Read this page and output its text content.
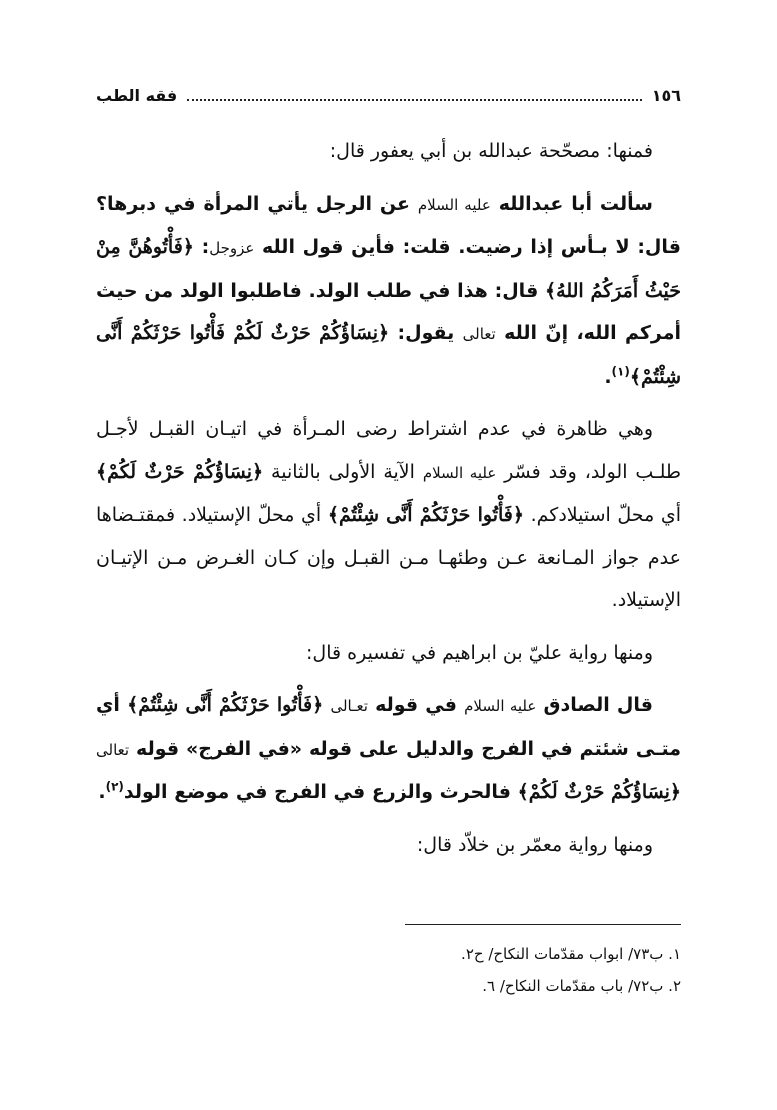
١٥٦
فقه الطب

فمنها: مصحّحة عبدالله بن أبي يعفور قال:

سألت أبا عبدالله عليه السلام عن الرجل يأتي المرأة في دبرها؟ قال: لا بـأس إذا رضيت. قلت: فأين قول الله عزوجل: ﴿فَأْتُوهُنَّ مِنْ حَيْثُ أَمَرَكُمُ اللهُ﴾ قال: هذا في طلب الولد. فاطلبوا الولد من حيث أمركم الله، إنّ الله تعالى يقول: ﴿نِسَاؤُكُمْ حَرْثٌ لَكُمْ فَأْتُوا حَرْثَكُمْ أَنَّى شِئْتُمْ﴾$^{(١)}$.

وهي ظاهرة في عدم اشتراط رضى المـرأة في اتيـان القبـل لأجـل طلـب الولد، وقد فسّر عليه السلام الآية الأولى بالثانية ﴿نِسَاؤُكُمْ حَرْثٌ لَكُمْ﴾ أي محلّ استيلادكم. ﴿فَأْتُوا حَرْثَكُمْ أَنَّى شِئْتُمْ﴾ أي محلّ الإستيلاد. فمقتـضاها عدم جواز المـانعة عـن وطئهـا مـن القبـل وإن كـان الغـرض مـن الإتيـان الإستيلاد.

ومنها رواية عليّ بن ابراهيم في تفسيره قال:

قال الصادق عليه السلام في قوله تعـالى ﴿فَأْتُوا حَرْثَكُمْ أَنَّى شِئْتُمْ﴾ أي متـى شئتم في الفرج والدليل على قوله «في الفرج» قوله تعالى ﴿نِسَاؤُكُمْ حَرْثٌ لَكُمْ﴾ فالحرث والزرع في الفرج في موضع الولد$^{(٢)}$.

ومنها رواية معمّر بن خلاّد قال:

١. ب٧٣/ ابواب مقدّمات النكاح/ ح٢.
٢. ب٧٢/ باب مقدّمات النكاح/ ٦.
